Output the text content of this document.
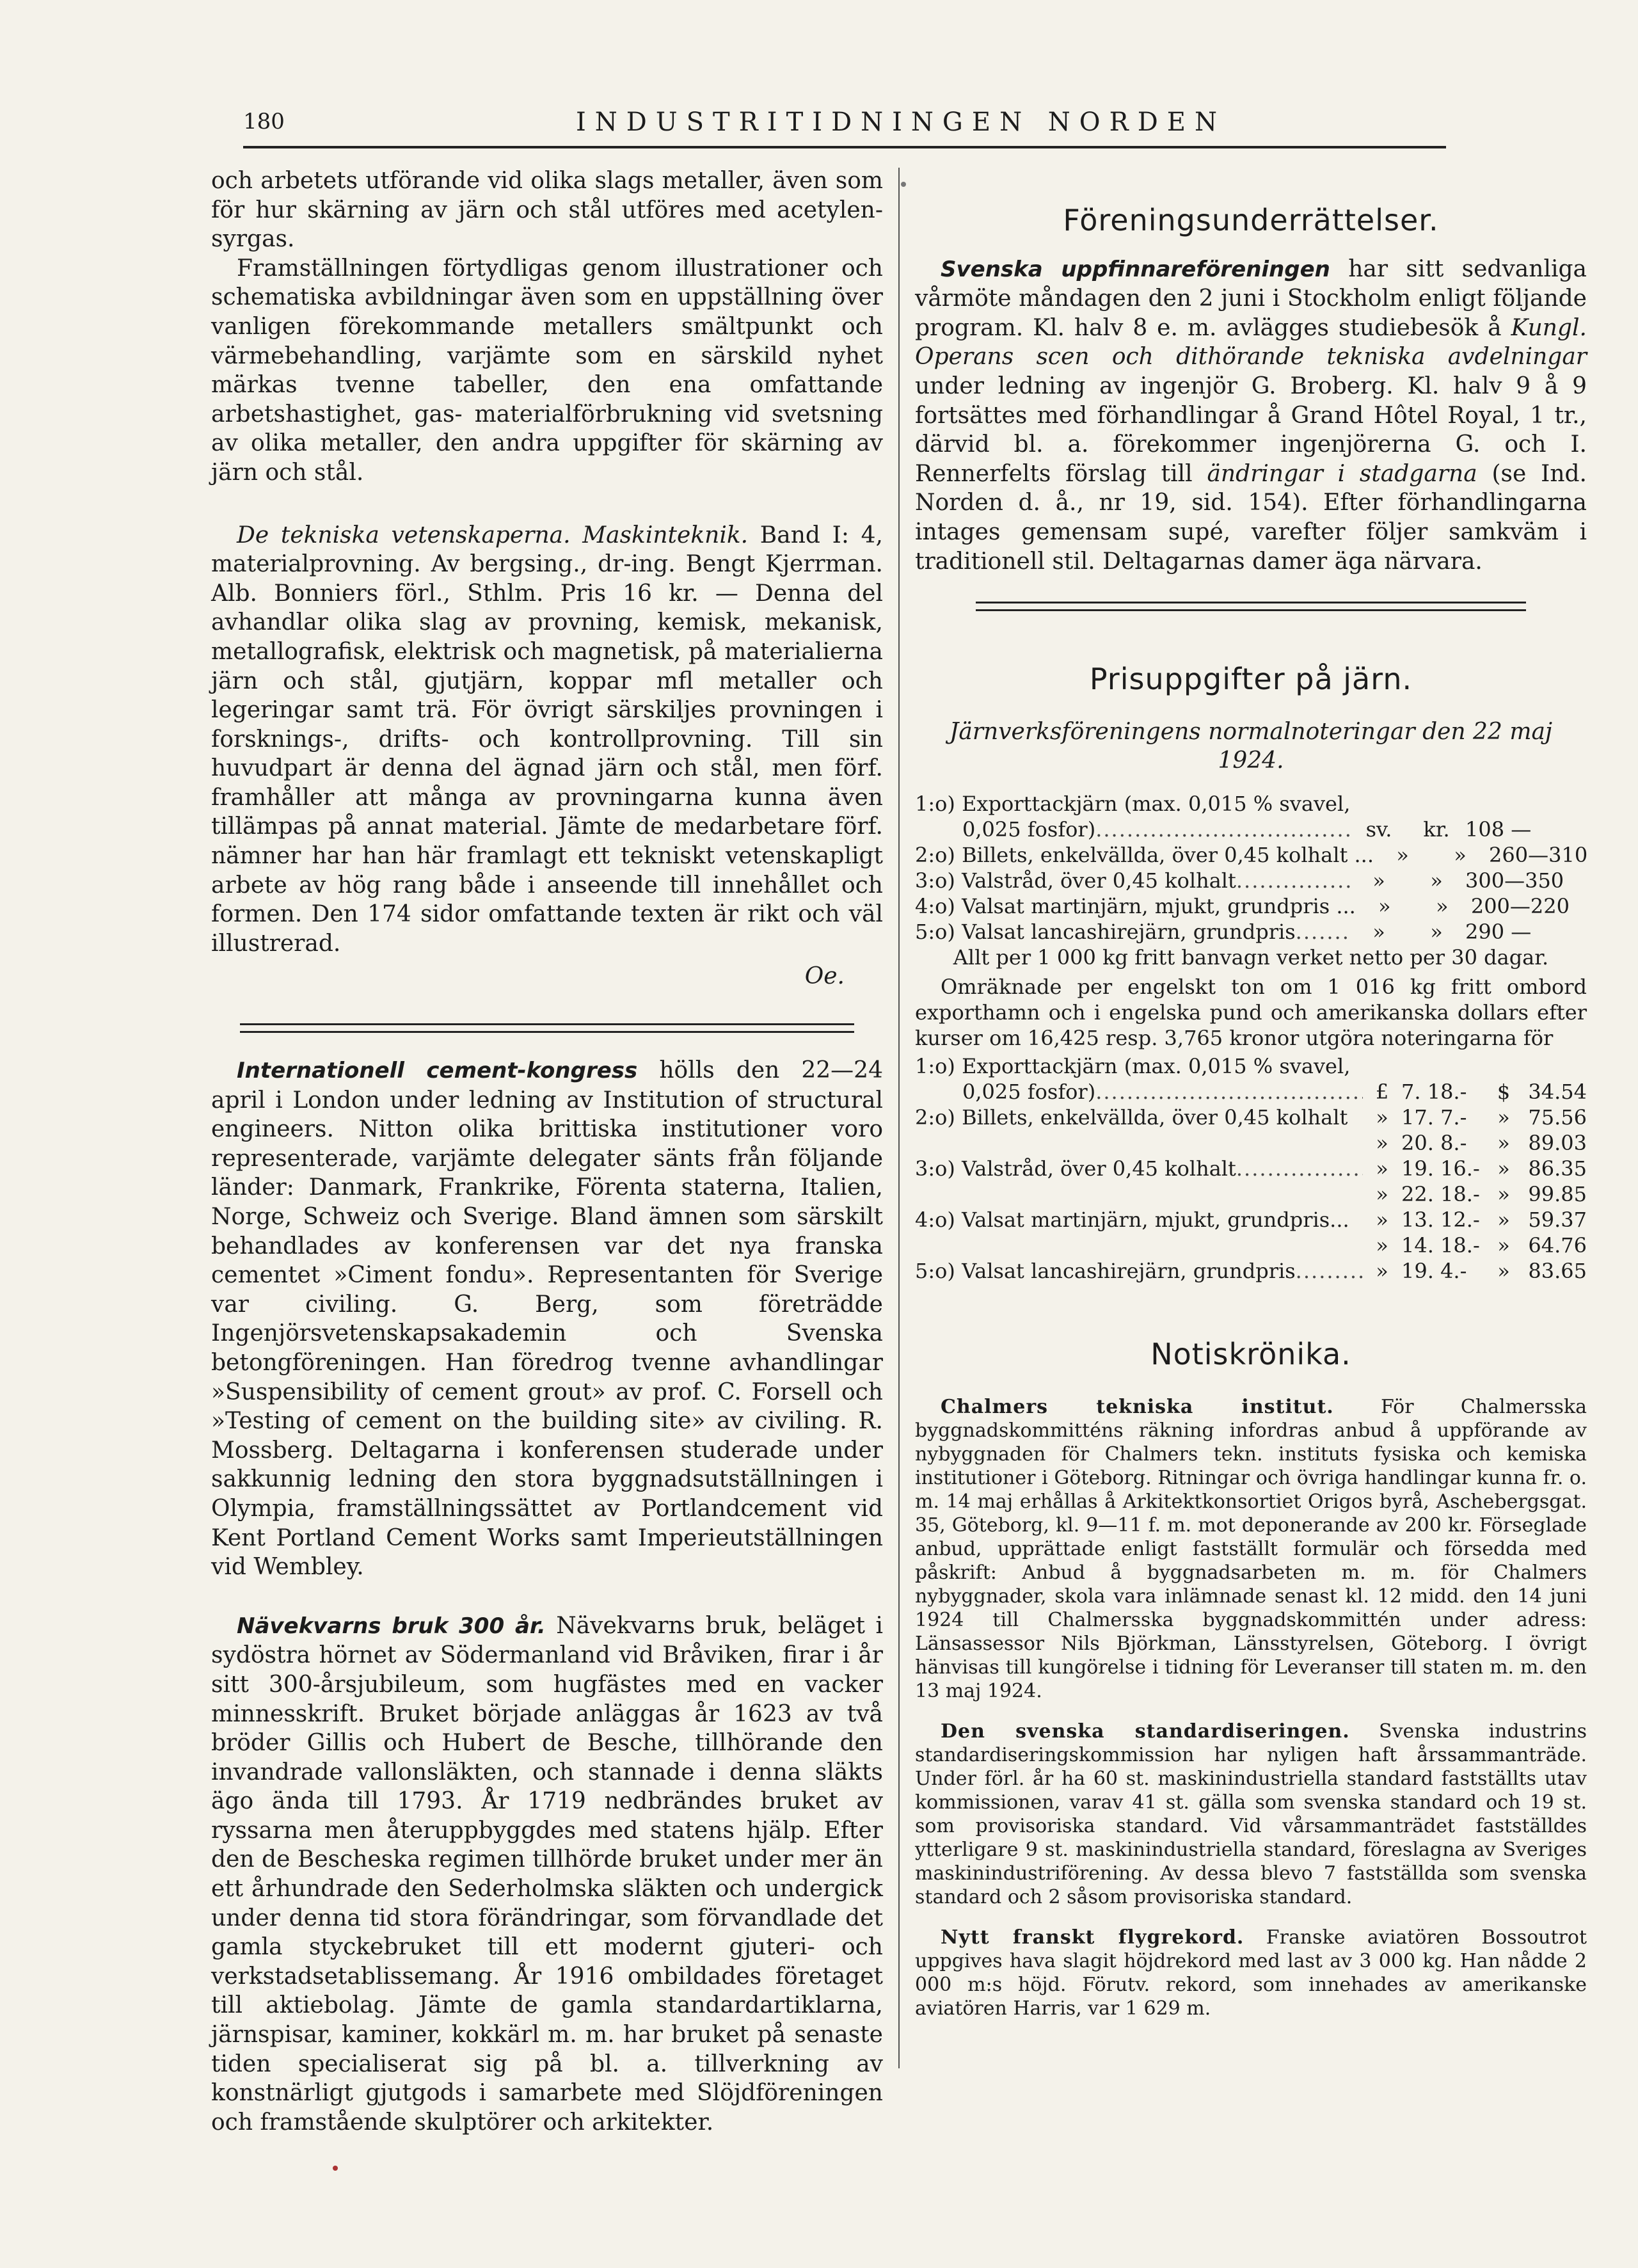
180	INDUSTRITIDNINGEN NORDEN

och arbetets utförande vid olika slags metaller, även som för hur skärning av järn och stål utföres med acetylen-syrgas.

Framställningen förtydligas genom illustrationer och schematiska avbildningar även som en uppställning över vanligen förekommande metallers smältpunkt och värmebehandling, varjämte som en särskild nyhet märkas tvenne tabeller, den ena omfattande arbetshastighet, gas- materialförbrukning vid svetsning av olika metaller, den andra uppgifter för skärning av järn och stål.

De tekniska vetenskaperna. Maskinteknik. Band I: 4, materialprovning. Av bergsing., dr-ing. Bengt Kjerrman. Alb. Bonniers förl., Sthlm. Pris 16 kr. — Denna del avhandlar olika slag av provning, kemisk, mekanisk, metallografisk, elektrisk och magnetisk, på materialierna järn och stål, gjutjärn, koppar mfl metaller och legeringar samt trä. För övrigt särskiljes provningen i forsknings-, drifts- och kontrollprovning. Till sin huvudpart är denna del ägnad järn och stål, men förf. framhåller att många av provningarna kunna även tillämpas på annat material. Jämte de medarbetare förf. nämner har han här framlagt ett tekniskt vetenskapligt arbete av hög rang både i anseende till innehållet och formen. Den 174 sidor omfattande texten är rikt och väl illustrerad.

Oe.

Internationell cement-kongress hölls den 22—24 april i London under ledning av Institution of structural engineers. Nitton olika brittiska institutioner voro representerade, varjämte delegater sänts från följande länder: Danmark, Frankrike, Förenta staterna, Italien, Norge, Schweiz och Sverige. Bland ämnen som särskilt behandlades av konferensen var det nya franska cementet »Ciment fondu». Representanten för Sverige var civiling. G. Berg, som företrädde Ingenjörsvetenskapsakademin och Svenska betongföreningen. Han föredrog tvenne avhandlingar »Suspensibility of cement grout» av prof. C. Forsell och »Testing of cement on the building site» av civiling. R. Mossberg. Deltagarna i konferensen studerade under sakkunnig ledning den stora byggnadsutställningen i Olympia, framställningssättet av Portlandcement vid Kent Portland Cement Works samt Imperieutställningen vid Wembley.

Nävekvarns bruk 300 år. Nävekvarns bruk, beläget i sydöstra hörnet av Södermanland vid Bråviken, firar i år sitt 300-årsjubileum, som hugfästes med en vacker minnesskrift. Bruket började anläggas år 1623 av två bröder Gillis och Hubert de Besche, tillhörande den invandrade vallonsläkten, och stannade i denna släkts ägo ända till 1793. År 1719 nedbrändes bruket av ryssarna men återuppbyggdes med statens hjälp. Efter den de Bescheska regimen tillhörde bruket under mer än ett århundrade den Sederholmska släkten och undergick under denna tid stora förändringar, som förvandlade det gamla styckebruket till ett modernt gjuteri- och verkstadsetablissemang. År 1916 ombildades företaget till aktiebolag. Jämte de gamla standardartiklarna, järnspisar, kaminer, kokkärl m. m. har bruket på senaste tiden specialiserat sig på bl. a. tillverkning av konstnärligt gjutgods i samarbete med Slöjdföreningen och framstående skulptörer och arkitekter.

Föreningsunderrättelser.

Svenska uppfinnareföreningen har sitt sedvanliga vårmöte måndagen den 2 juni i Stockholm enligt följande program. Kl. halv 8 e. m. avlägges studiebesök å Kungl. Operans scen och dithörande tekniska avdelningar under ledning av ingenjör G. Broberg. Kl. halv 9 å 9 fortsättes med förhandlingar å Grand Hôtel Royal, 1 tr., därvid bl. a. förekommer ingenjörerna G. och I. Rennerfelts förslag till ändringar i stadgarna (se Ind. Norden d. å., nr 19, sid. 154). Efter förhandlingarna intages gemensam supé, varefter följer samkväm i traditionell stil. Deltagarnas damer äga närvara.

Prisuppgifter på järn.

Järnverksföreningens normalnoteringar den 22 maj 1924.

1:o) Exporttackjärn (max. 0,015 % svavel,
0,025 fosfor) .....	sv.	kr. 108 —
2:o) Billets, enkelvällda, över 0,45 kolhalt ...	»	»	260—310
3:o) Valstråd, över 0,45 kolhalt .....	»	»	300—350
4:o) Valsat martinjärn, mjukt, grundpris ...	»	»	200—220
5:o) Valsat lancashirejärn, grundpris .....	»	»	290 —

Allt per 1 000 kg fritt banvagn verket netto per 30 dagar.

Omräknade per engelskt ton om 1 016 kg fritt ombord exporthamn och i engelska pund och amerikanska dollars efter kurser om 16,425 resp. 3,765 kronor utgöra noteringarna för

1:o) Exporttackjärn (max. 0,015 % svavel,
0,025 fosfor) .....	£ 7. 18.-	$ 34.54
2:o) Billets, enkelvällda, över 0,45 kolhalt	» 17. 7.-	» 75.56
» 20. 8.-	» 89.03
3:o) Valstråd, över 0,45 kolhalt .....	» 19. 16.- » 86.35
» 22. 18.- » 99.85
4:o) Valsat martinjärn, mjukt, grundpris...	» 13. 12.- » 59.37
» 14. 18.- » 64.76
5:o) Valsat lancashirejärn, grundpris .....	» 19. 4.-	» 83.65
Notiskrönika.

Chalmers tekniska institut. För Chalmersska byggnadskommitténs räkning infordras anbud å uppförande av nybyggnaden för Chalmers tekn. instituts fysiska och kemiska institutioner i Göteborg. Ritningar och övriga handlingar kunna fr. o. m. 14 maj erhållas å Arkitektkonsortiet Origos byrå, Aschebergsgat. 35, Göteborg, kl. 9—11 f. m. mot deponerande av 200 kr. Förseglade anbud, upprättade enligt fastställt formulär och försedda med påskrift: Anbud å byggnadsarbeten m. m. för Chalmers nybyggnader, skola vara inlämnade senast kl. 12 midd. den 14 juni 1924 till Chalmersska byggnadskommittén under adress: Länsassessor Nils Björkman, Länsstyrelsen, Göteborg. I övrigt hänvisas till kungörelse i tidning för Leveranser till staten m. m. den 13 maj 1924.

Den svenska standardiseringen. Svenska industrins standardiseringskommission har nyligen haft årssammanträde. Under förl. år ha 60 st. maskinindustriella standard fastställts utav kommissionen, varav 41 st. gälla som svenska standard och 19 st. som provisoriska standard. Vid vårsammanträdet fastställdes ytterligare 9 st. maskinindustriella standard, föreslagna av Sveriges maskinindustriförening. Av dessa blevo 7 fastställda som svenska standard och 2 såsom provisoriska standard.

Nytt franskt flygrekord. Franske aviatören Bossoutrot uppgives hava slagit höjdrekord med last av 3 000 kg. Han nådde 2 000 m:s höjd. Förutv. rekord, som innehades av amerikanske aviatören Harris, var 1 629 m.
